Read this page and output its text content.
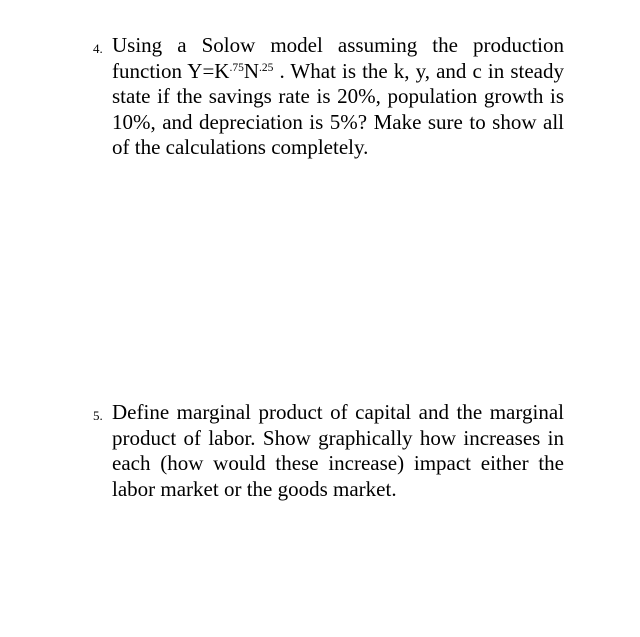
4. Using a Solow model assuming the production
function $Y=K^{.75}N^{.25}$ . What is the k, y, and c in steady
state if the savings rate is 20%, population growth is
10%, and depreciation is 5%? Make sure to show all
of the calculations completely.
5. Define marginal product of capital and the marginal
product of labor. Show graphically how increases in
each (how would these increase) impact either the
labor market or the goods market.
